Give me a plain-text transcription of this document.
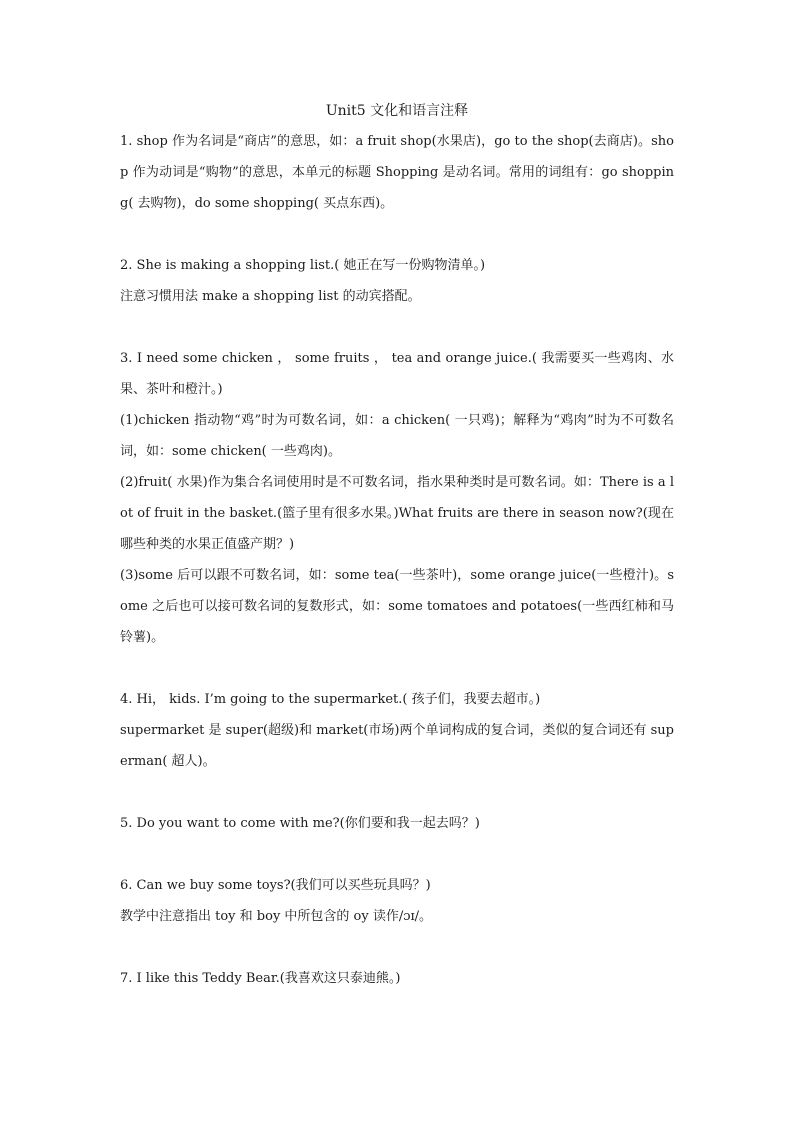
Unit5 文化和语言注释

1. shop 作为名词是“商店”的意思，如：a fruit shop(水果店)，go to the shop(去商店)。shop 作为动词是“购物”的意思，本单元的标题 Shopping 是动名词。常用的词组有：go shopping( 去购物)，do some shopping( 买点东西)。

2. She is making a shopping list.( 她正在写一份购物清单。)

注意习惯用法 make a shopping list 的动宾搭配。

3. I need some chicken ， some fruits ， tea and orange juice.( 我需要买一些鸡肉、水果、茶叶和橙汁。)

(1)chicken 指动物“鸡”时为可数名词，如：a chicken( 一只鸡)；解释为“鸡肉”时为不可数名词，如：some chicken( 一些鸡肉)。

(2)fruit( 水果)作为集合名词使用时是不可数名词，指水果种类时是可数名词。如：There is a lot of fruit in the basket.(篮子里有很多水果。)What fruits are there in season now?(现在哪些种类的水果正值盛产期？)

(3)some 后可以跟不可数名词，如：some tea(一些茶叶)，some orange juice(一些橙汁)。some 之后也可以接可数名词的复数形式，如：some tomatoes and potatoes(一些西红柿和马铃薯)。

4. Hi， kids. I’m going to the supermarket.( 孩子们，我要去超市。)

supermarket 是 super(超级)和 market(市场)两个单词构成的复合词，类似的复合词还有 superman( 超人)。

5. Do you want to come with me?(你们要和我一起去吗？)

6. Can we buy some toys?(我们可以买些玩具吗？)

教学中注意指出 toy 和 boy 中所包含的 oy 读作/ɔɪ/。

7. I like this Teddy Bear.(我喜欢这只泰迪熊。)
